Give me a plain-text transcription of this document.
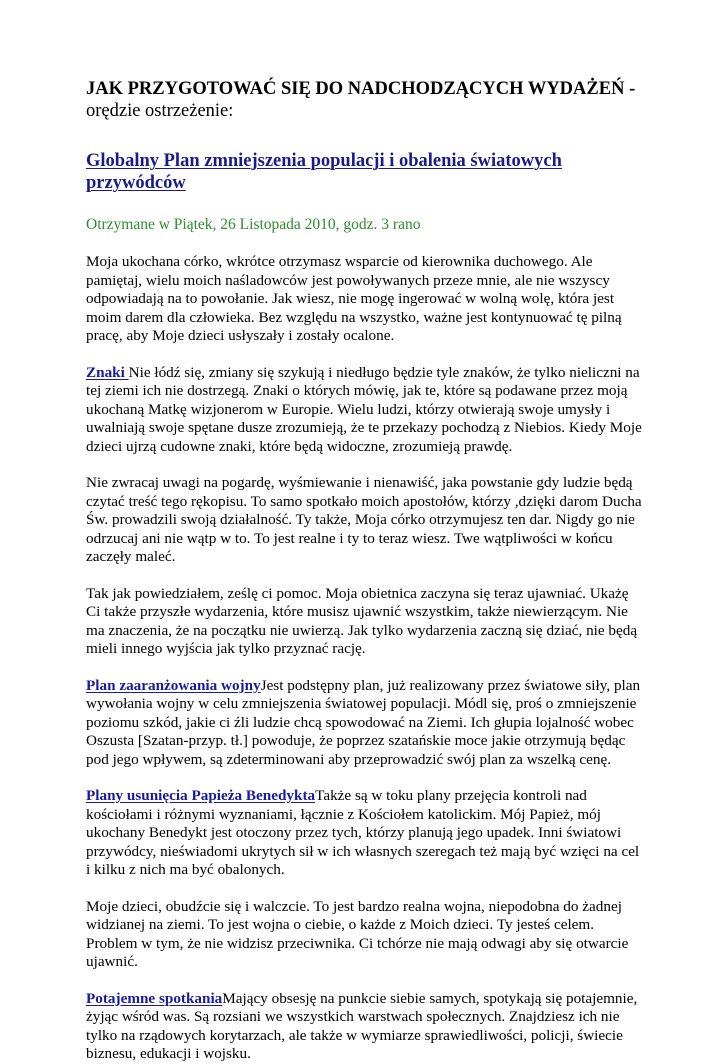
JAK PRZYGOTOWAĆ SIĘ DO NADCHODZĄCYCH WYDAŻEŃ - orędzie ostrzeżenie:
Globalny Plan zmniejszenia populacji i obalenia światowych przywódców
Otrzymane w Piątek, 26 Listopada 2010, godz. 3 rano

Moja ukochana córko, wkrótce otrzymasz wsparcie od kierownika duchowego. Ale pamiętaj, wielu moich naśladowców jest powoływanych przeze mnie, ale nie wszyscy odpowiadają na to powołanie. Jak wiesz, nie mogę ingerować w wolną wolę, która jest moim darem dla człowieka. Bez względu na wszystko, ważne jest kontynuować tę pilną pracę, aby Moje dzieci usłyszały i zostały ocalone.

Znaki Nie łódź się, zmiany się szykują i niedługo będzie tyle znaków, że tylko nieliczni na tej ziemi ich nie dostrzegą. Znaki o których mówię, jak te, które są podawane przez moją ukochaną Matkę wizjonerom w Europie. Wielu ludzi, którzy otwierają swoje umysły i uwalniają swoje spętane dusze zrozumieją, że te przekazy pochodzą z Niebios. Kiedy Moje dzieci ujrzą cudowne znaki, które będą widoczne, zrozumieją prawdę.

Nie zwracaj uwagi na pogardę, wyśmiewanie i nienawiść, jaka powstanie gdy ludzie będą czytać treść tego rękopisu. To samo spotkało moich apostołów, którzy ,dzięki darom Ducha Św. prowadzili swoją działalność. Ty także, Moja córko otrzymujesz ten dar. Nigdy go nie odrzucaj ani nie wątp w to. To jest realne i ty to teraz wiesz. Twe wątpliwości w końcu zaczęły maleć.

Tak jak powiedziałem, ześlę ci pomoc. Moja obietnica zaczyna się teraz ujawniać. Ukażę Ci także przyszłe wydarzenia, które musisz ujawnić wszystkim, także niewierzącym. Nie ma znaczenia, że na początku nie uwierzą. Jak tylko wydarzenia zaczną się dziać, nie będą mieli innego wyjścia jak tylko przyznać rację.

Plan zaaranżowania wojnyJest podstępny plan, już realizowany przez światowe siły, plan wywołania wojny w celu zmniejszenia światowej populacji. Módl się, proś o zmniejszenie poziomu szkód, jakie ci źli ludzie chcą spowodować na Ziemi. Ich głupia lojalność wobec Oszusta [Szatan-przyp. tł.] powoduje, że poprzez szatańskie moce jakie otrzymują będąc pod jego wpływem, są zdeterminowani aby przeprowadzić swój plan za wszelką cenę.

Plany usunięcia Papieża BenedyktaTakże są w toku plany przejęcia kontroli nad kościołami i różnymi wyznaniami, łącznie z Kościołem katolickim. Mój Papież, mój ukochany Benedykt jest otoczony przez tych, którzy planują jego upadek. Inni światowi przywódcy, nieświadomi ukrytych sił w ich własnych szeregach też mają być wzięci na cel i kilku z nich ma być obalonych.

Moje dzieci, obudźcie się i walczcie. To jest bardzo realna wojna, niepodobna do żadnej widzianej na ziemi. To jest wojna o ciebie, o każde z Moich dzieci. Ty jesteś celem. Problem w tym, że nie widzisz przeciwnika. Ci tchórze nie mają odwagi aby się otwarcie ujawnić.

Potajemne spotkaniaMający obsesję na punkcie siebie samych, spotykają się potajemnie, żyjąc wśród was. Są rozsiani we wszystkich warstwach społecznych. Znajdziesz ich nie tylko na rządowych korytarzach, ale także w wymiarze sprawiedliwości, policji, świecie biznesu, edukacji i wojsku.
